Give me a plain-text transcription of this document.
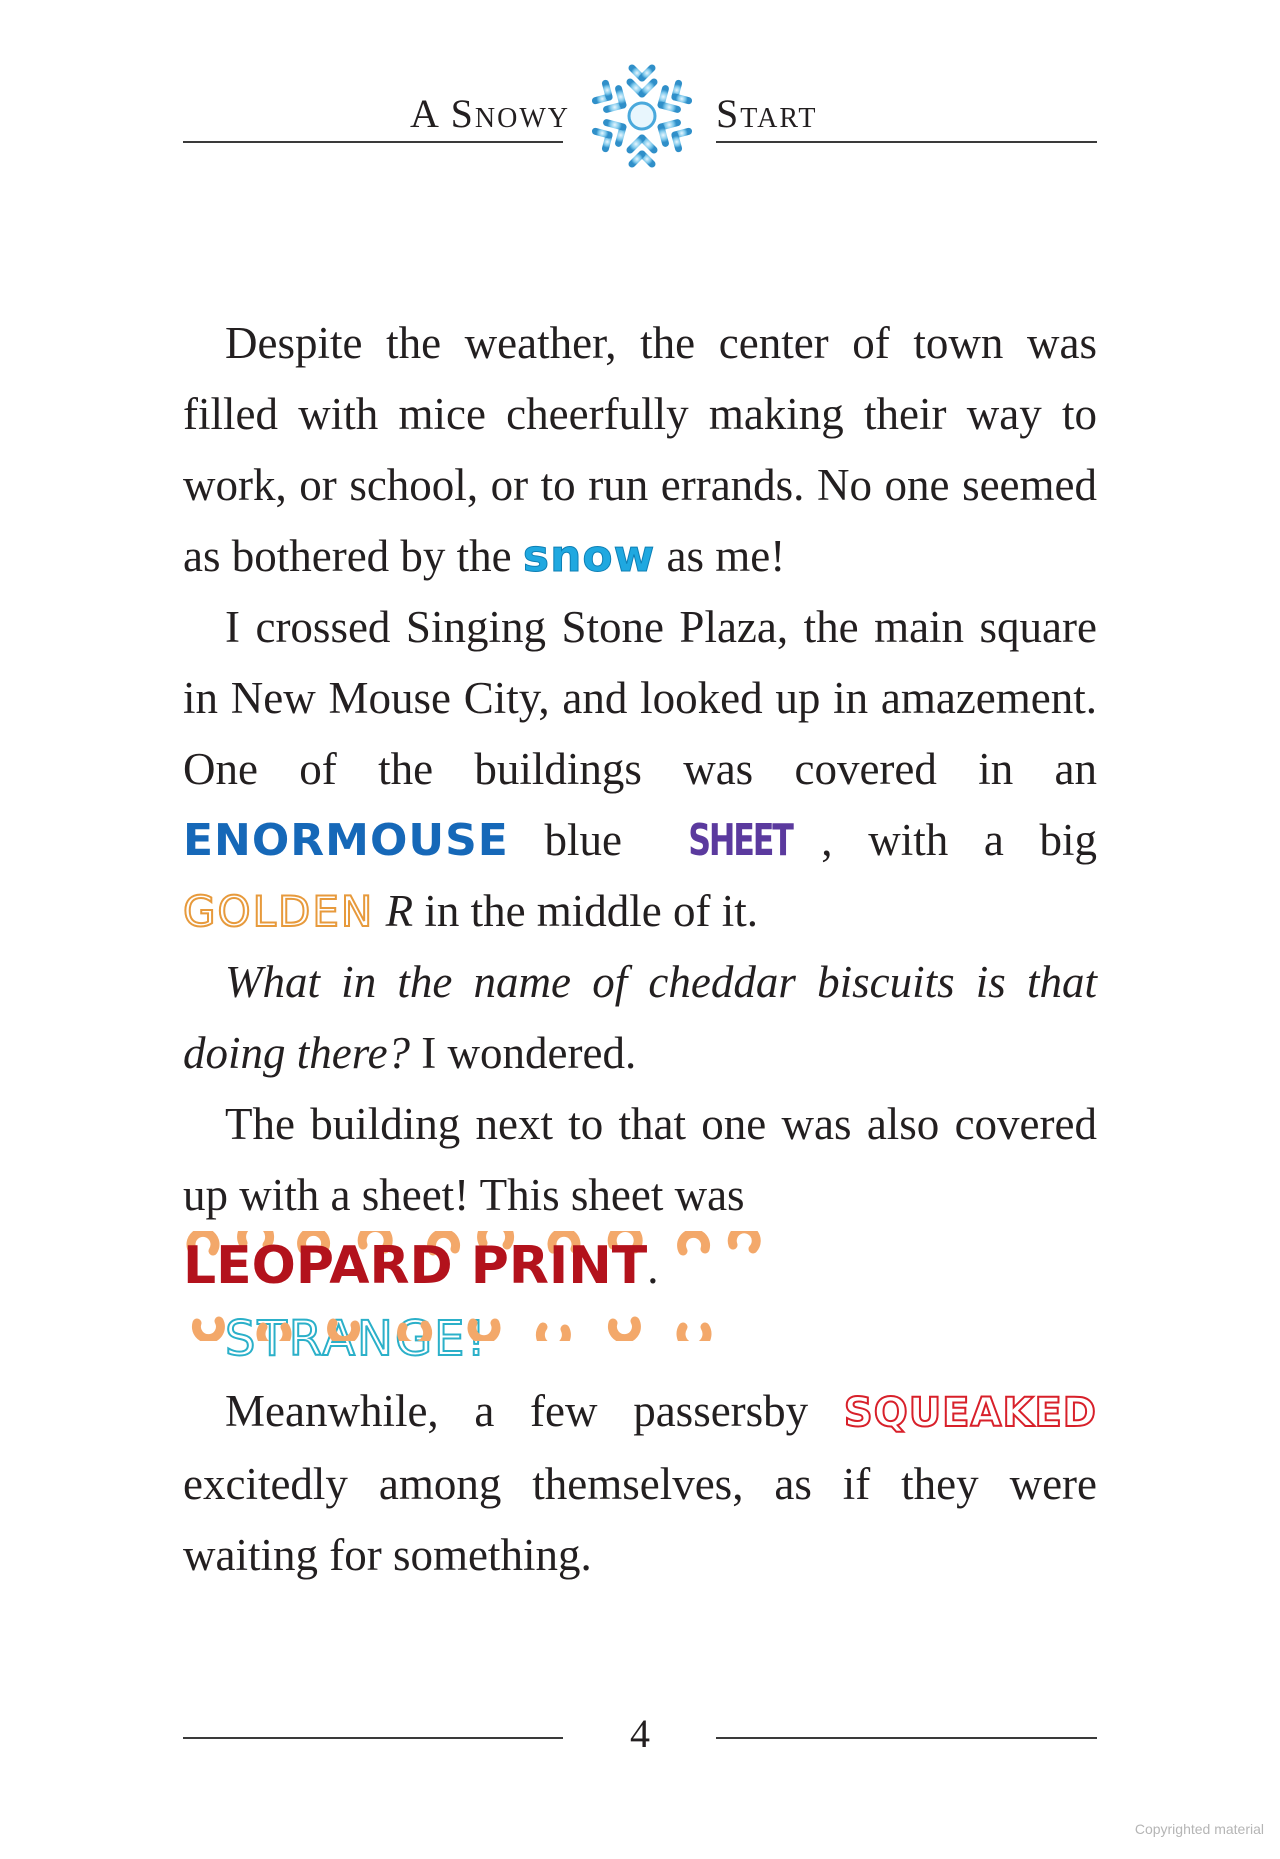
A Snowy	Start

Despite the weather, the center of town was filled with mice cheerfully making their way to work, or school, or to run errands. No one seemed as bothered by the snow as me!

I crossed Singing Stone Plaza, the main square in New Mouse City, and looked up in amazement. One of the buildings was covered in an ENORMOUSE blue SHEET , with a big GOLDEN R in the middle of it.

What in the name of cheddar biscuits is that doing there? I wondered.

The building next to that one was also covered up with a sheet! This sheet was

LEOPARD PRINT.

STRANGE!

Meanwhile, a few passersby SQUEAKED excitedly among themselves, as if they were waiting for something.

4
Copyrighted material
